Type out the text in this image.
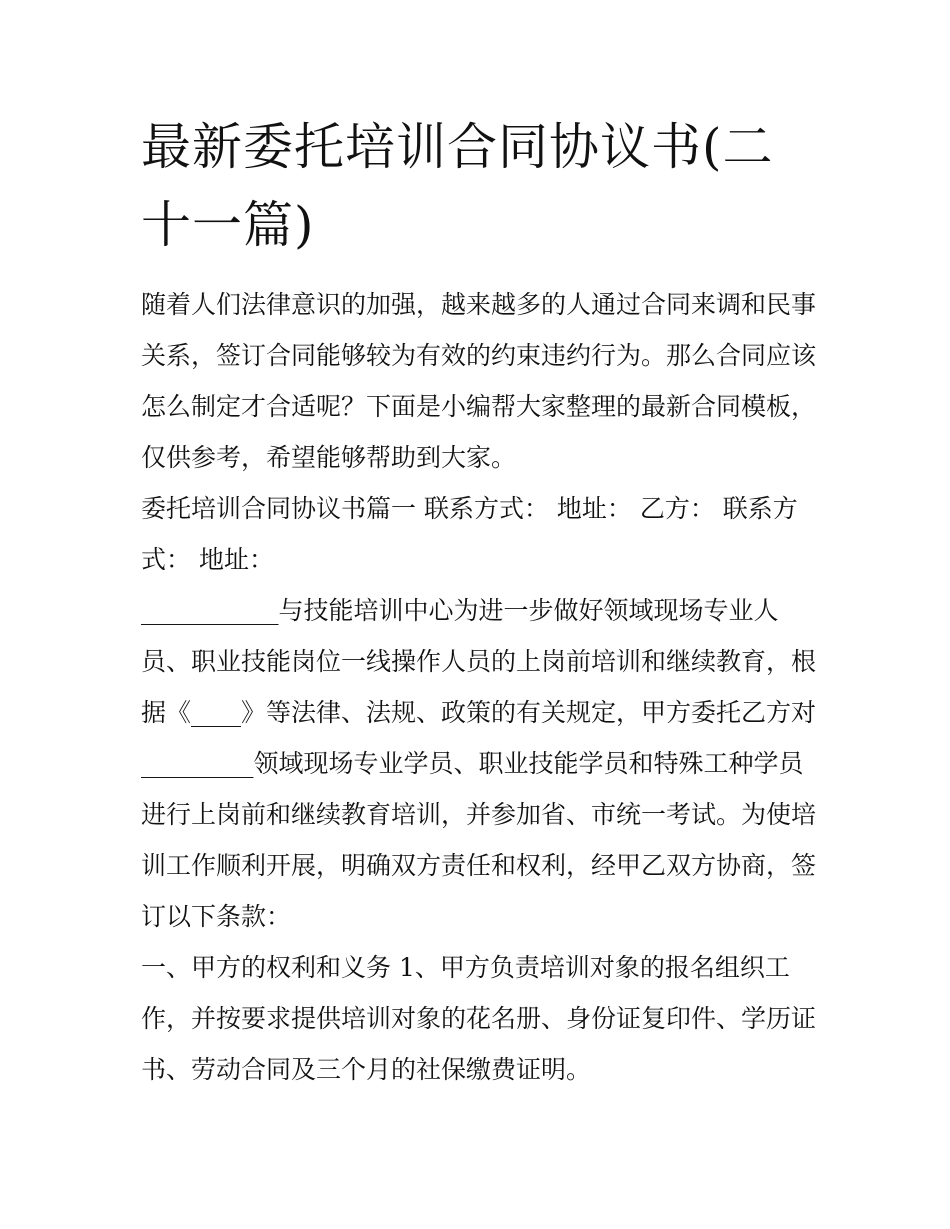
最新委托培训合同协议书(二十一篇)

随着人们法律意识的加强，越来越多的人通过合同来调和民事关系，签订合同能够较为有效的约束违约行为。那么合同应该怎么制定才合适呢？下面是小编帮大家整理的最新合同模板，仅供参考，希望能够帮助到大家。

委托培训合同协议书篇一 联系方式： 地址： 乙方： 联系方式： 地址：

___________与技能培训中心为进一步做好领域现场专业人员、职业技能岗位一线操作人员的上岗前培训和继续教育，根据《____》等法律、法规、政策的有关规定，甲方委托乙方对_________领域现场专业学员、职业技能学员和特殊工种学员进行上岗前和继续教育培训，并参加省、市统一考试。为使培训工作顺利开展，明确双方责任和权利，经甲乙双方协商，签订以下条款：

一、甲方的权利和义务 1、甲方负责培训对象的报名组织工作，并按要求提供培训对象的花名册、身份证复印件、学历证书、劳动合同及三个月的社保缴费证明。
